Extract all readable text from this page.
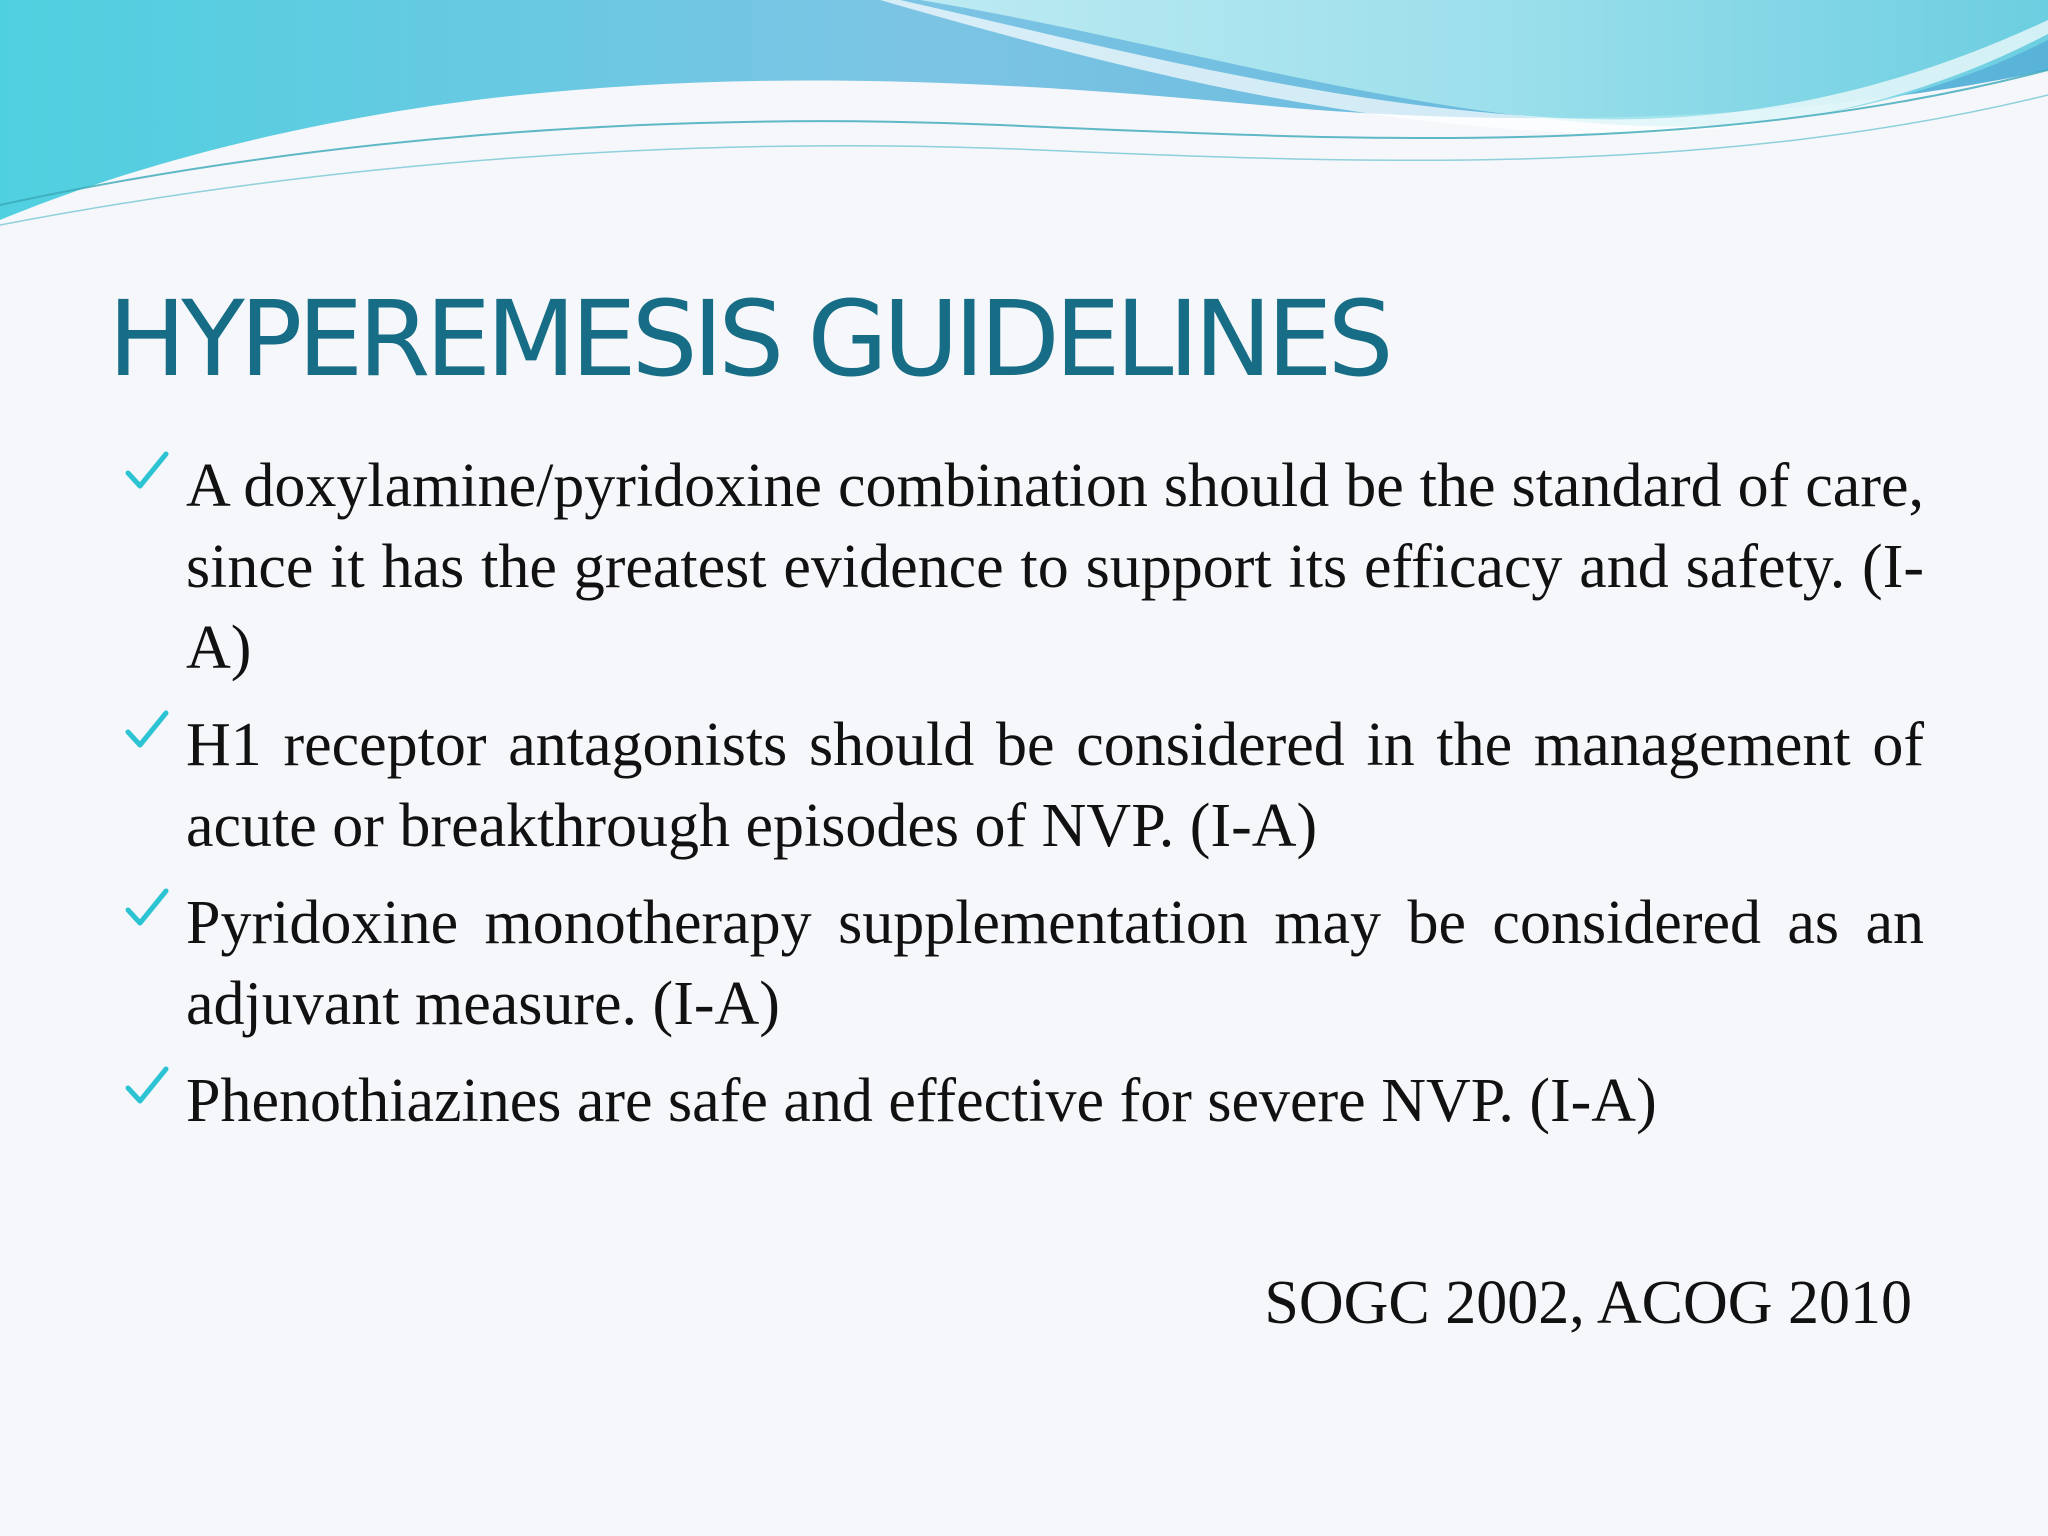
HYPEREMESIS GUIDELINES
A doxylamine/pyridoxine combination should be the standard of care, since it has the greatest evidence to support its efficacy and safety. (I-A)
H1 receptor antagonists should be considered in the management of acute or breakthrough episodes of NVP. (I-A)
Pyridoxine monotherapy supplementation may be considered as an adjuvant measure. (I-A)
Phenothiazines are safe and effective for severe NVP. (I-A)
SOGC 2002, ACOG 2010
